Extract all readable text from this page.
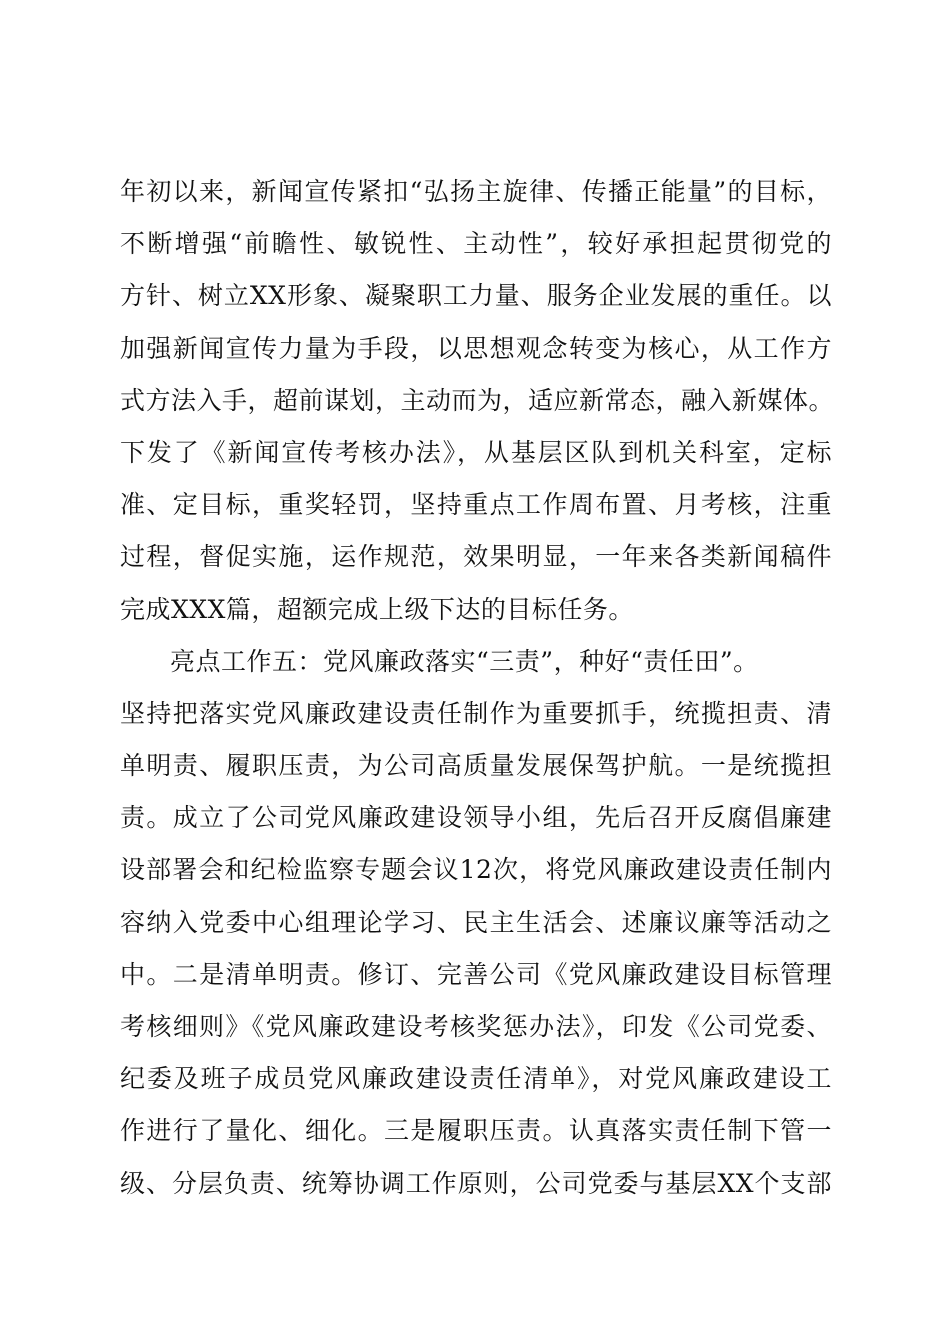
年初以来，新闻宣传紧扣“弘扬主旋律、传播正能量”的目标，
不断增强“前瞻性、敏锐性、主动性”，较好承担起贯彻党的
方针、树立XX形象、凝聚职工力量、服务企业发展的重任。以
加强新闻宣传力量为手段，以思想观念转变为核心，从工作方
式方法入手，超前谋划，主动而为，适应新常态，融入新媒体。
下发了《新闻宣传考核办法》，从基层区队到机关科室，定标
准、定目标，重奖轻罚，坚持重点工作周布置、月考核，注重
过程，督促实施，运作规范，效果明显，一年来各类新闻稿件
完成XXX篇，超额完成上级下达的目标任务。
亮点工作五：党风廉政落实“三责”，种好“责任田”。
坚持把落实党风廉政建设责任制作为重要抓手，统揽担责、清
单明责、履职压责，为公司高质量发展保驾护航。一是统揽担
责。成立了公司党风廉政建设领导小组，先后召开反腐倡廉建
设部署会和纪检监察专题会议12次，将党风廉政建设责任制内
容纳入党委中心组理论学习、民主生活会、述廉议廉等活动之
中。二是清单明责。修订、完善公司《党风廉政建设目标管理
考核细则》《党风廉政建设考核奖惩办法》，印发《公司党委、
纪委及班子成员党风廉政建设责任清单》，对党风廉政建设工
作进行了量化、细化。三是履职压责。认真落实责任制下管一
级、分层负责、统筹协调工作原则，公司党委与基层XX个支部
